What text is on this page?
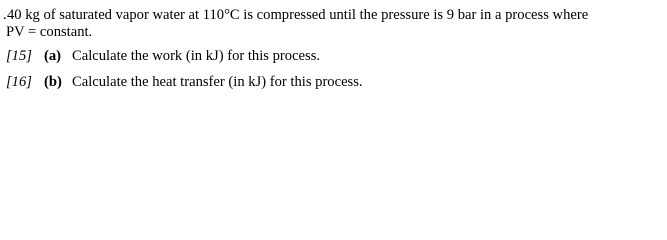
.40 kg of saturated vapor water at 110°C is compressed until the pressure is 9 bar in a process where
PV = constant.
[15] (a) Calculate the work (in kJ) for this process.
[16] (b) Calculate the heat transfer (in kJ) for this process.
